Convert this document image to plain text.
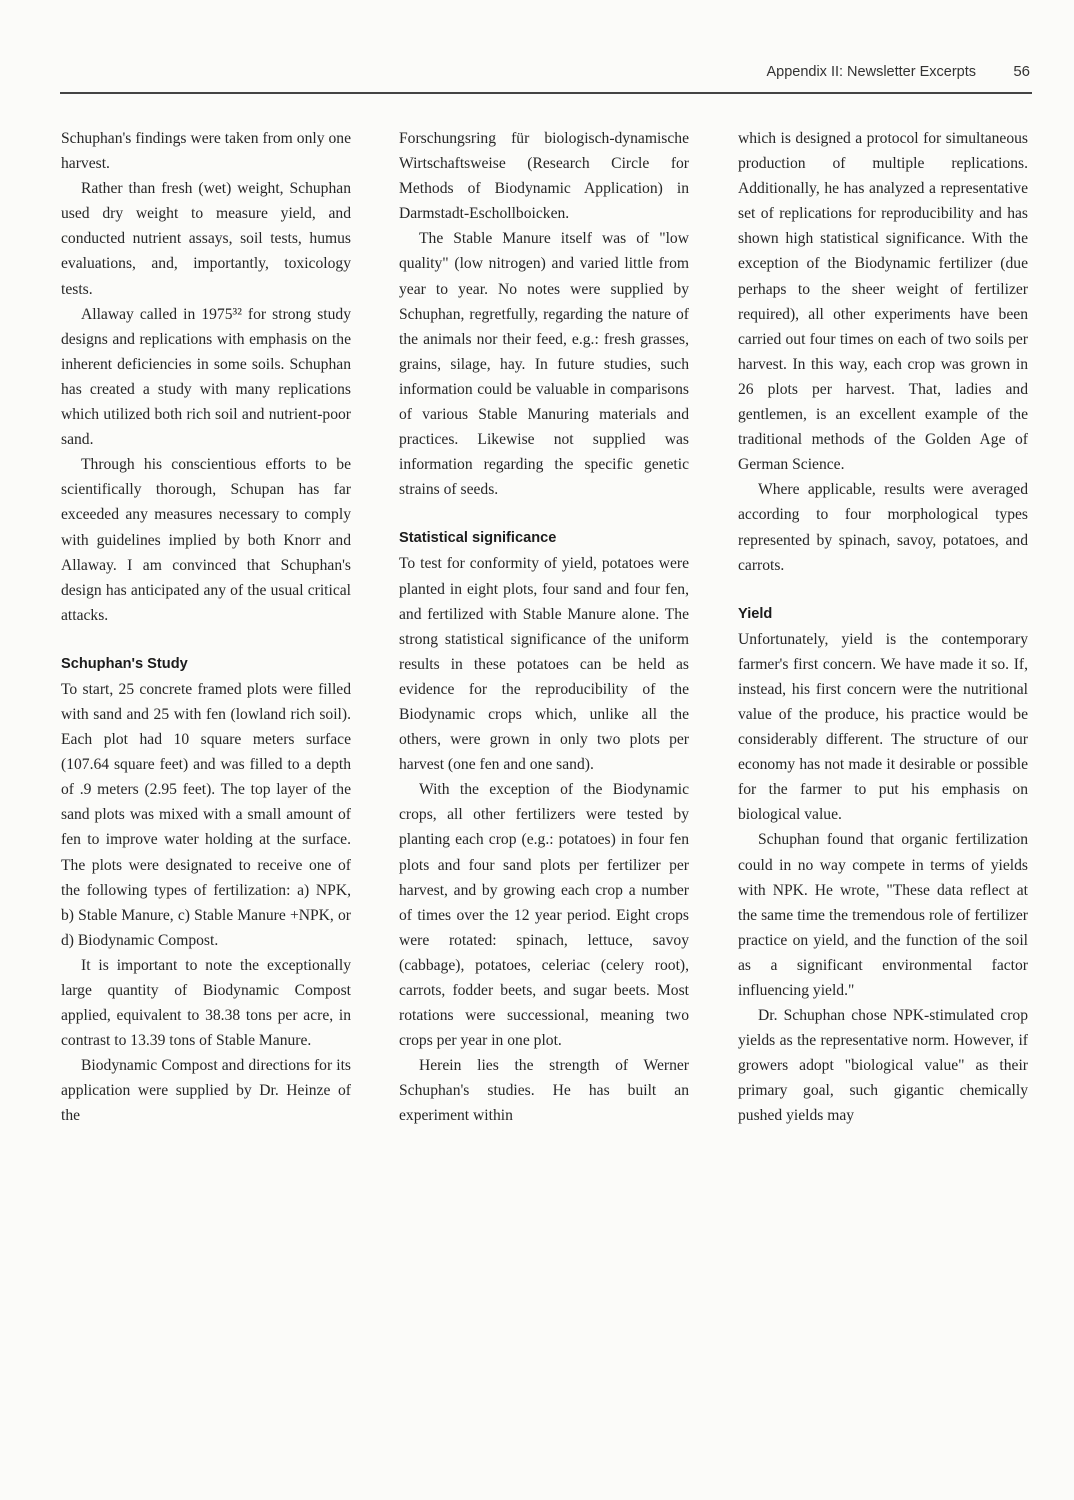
Appendix II: Newsletter Excerpts 56

Schuphan's findings were taken from only one harvest.

Rather than fresh (wet) weight, Schuphan used dry weight to measure yield, and conducted nutrient assays, soil tests, humus evaluations, and, importantly, toxicology tests.

Allaway called in 1975³² for strong study designs and replications with emphasis on the inherent deficiencies in some soils. Schuphan has created a study with many replications which utilized both rich soil and nutrient-poor sand.

Through his conscientious efforts to be scientifically thorough, Schupan has far exceeded any measures necessary to comply with guidelines implied by both Knorr and Allaway. I am convinced that Schuphan's design has anticipated any of the usual critical attacks.

Schuphan's Study

To start, 25 concrete framed plots were filled with sand and 25 with fen (lowland rich soil). Each plot had 10 square meters surface (107.64 square feet) and was filled to a depth of .9 meters (2.95 feet). The top layer of the sand plots was mixed with a small amount of fen to improve water holding at the surface. The plots were designated to receive one of the following types of fertilization: a) NPK, b) Stable Manure, c) Stable Manure +NPK, or d) Biodynamic Compost.

It is important to note the exceptionally large quantity of Biodynamic Compost applied, equivalent to 38.38 tons per acre, in contrast to 13.39 tons of Stable Manure.

Biodynamic Compost and directions for its application were supplied by Dr. Heinze of the

Forschungsring für biologisch-dynamische Wirtschaftsweise (Research Circle for Methods of Biodynamic Application) in Darmstadt-Eschollboicken.

The Stable Manure itself was of "low quality" (low nitrogen) and varied little from year to year. No notes were supplied by Schuphan, regretfully, regarding the nature of the animals nor their feed, e.g.: fresh grasses, grains, silage, hay. In future studies, such information could be valuable in comparisons of various Stable Manuring materials and practices. Likewise not supplied was information regarding the specific genetic strains of seeds.

Statistical significance

To test for conformity of yield, potatoes were planted in eight plots, four sand and four fen, and fertilized with Stable Manure alone. The strong statistical significance of the uniform results in these potatoes can be held as evidence for the reproducibility of the Biodynamic crops which, unlike all the others, were grown in only two plots per harvest (one fen and one sand).

With the exception of the Biodynamic crops, all other fertilizers were tested by planting each crop (e.g.: potatoes) in four fen plots and four sand plots per fertilizer per harvest, and by growing each crop a number of times over the 12 year period. Eight crops were rotated: spinach, lettuce, savoy (cabbage), potatoes, celeriac (celery root), carrots, fodder beets, and sugar beets. Most rotations were successional, meaning two crops per year in one plot.

Herein lies the strength of Werner Schuphan's studies. He has built an experiment within

which is designed a protocol for simultaneous production of multiple replications. Additionally, he has analyzed a representative set of replications for reproducibility and has shown high statistical significance. With the exception of the Biodynamic fertilizer (due perhaps to the sheer weight of fertilizer required), all other experiments have been carried out four times on each of two soils per harvest. In this way, each crop was grown in 26 plots per harvest. That, ladies and gentlemen, is an excellent example of the traditional methods of the Golden Age of German Science.

Where applicable, results were averaged according to four morphological types represented by spinach, savoy, potatoes, and carrots.

Yield

Unfortunately, yield is the contemporary farmer's first concern. We have made it so. If, instead, his first concern were the nutritional value of the produce, his practice would be considerably different. The structure of our economy has not made it desirable or possible for the farmer to put his emphasis on biological value.

Schuphan found that organic fertilization could in no way compete in terms of yields with NPK. He wrote, "These data reflect at the same time the tremendous role of fertilizer practice on yield, and the function of the soil as a significant environmental factor influencing yield."

Dr. Schuphan chose NPK-stimulated crop yields as the representative norm. However, if growers adopt "biological value" as their primary goal, such gigantic chemically pushed yields may
